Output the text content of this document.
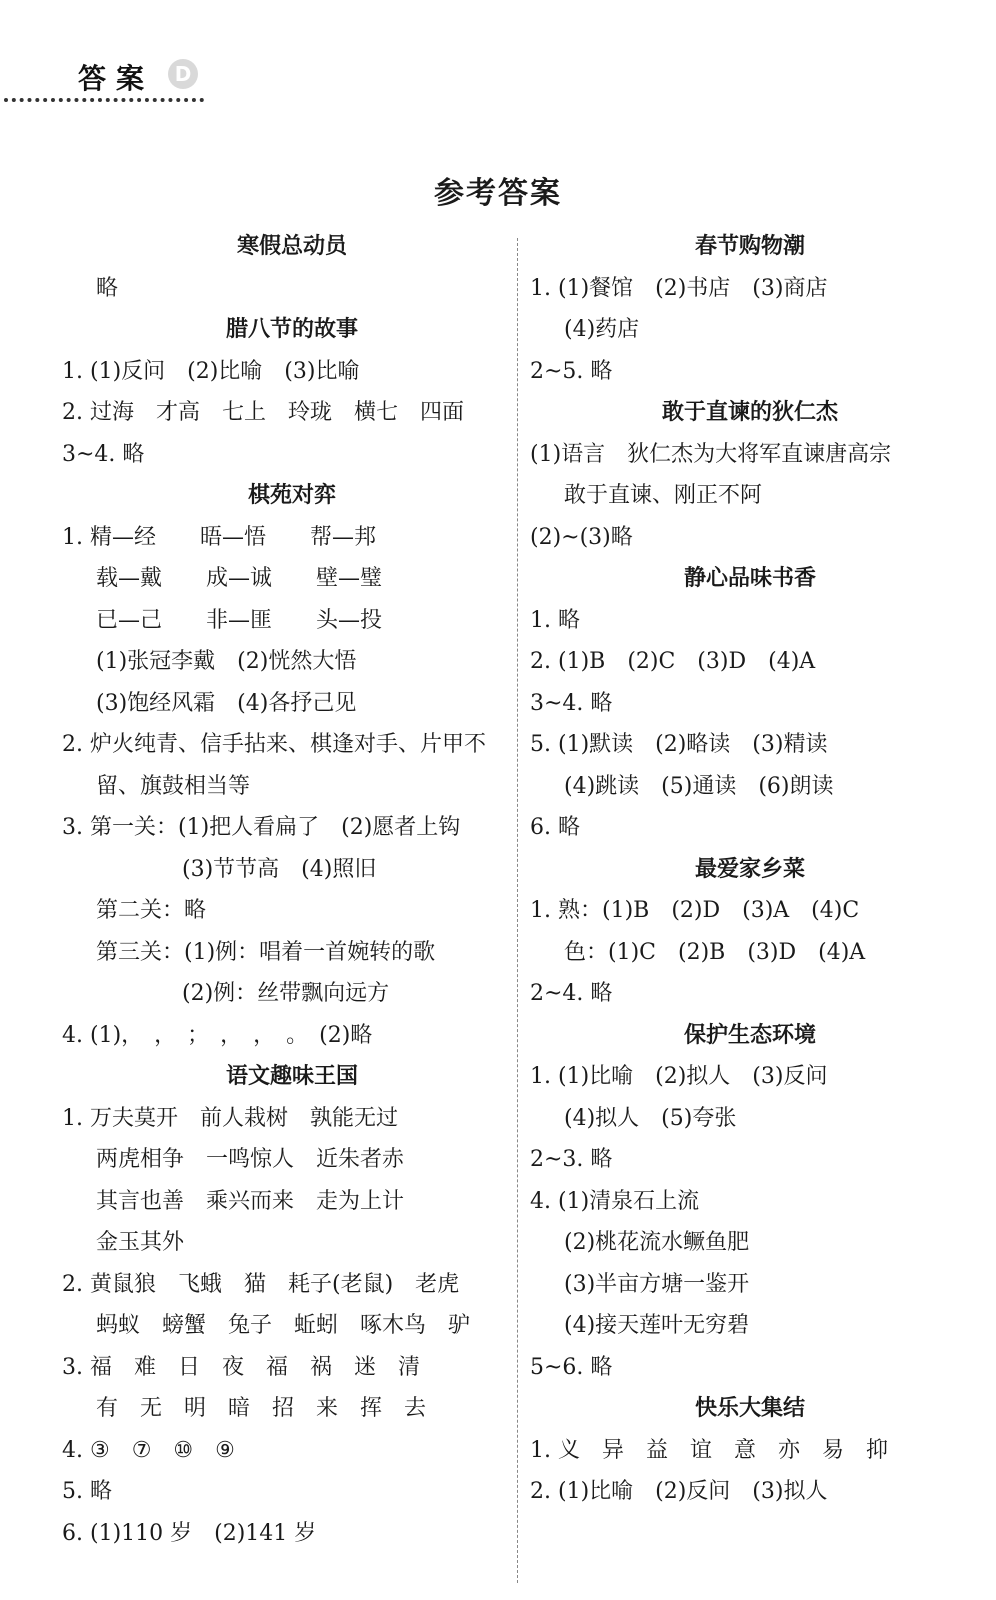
答案	D
参考答案
寒假总动员
略
腊八节的故事
1. (1)反问　(2)比喻　(3)比喻
2. 过海　才高　七上　玲珑　横七　四面
3~4. 略
棋苑对弈
1. 精—经　　晤—悟　　帮—邦
载—戴　　成—诚　　壁—璧
已—己　　非—匪　　头—投
(1)张冠李戴　(2)恍然大悟
(3)饱经风霜　(4)各抒己见
2. 炉火纯青、信手拈来、棋逢对手、片甲不
留、旗鼓相当等
3. 第一关：(1)把人看扁了　(2)愿者上钩
(3)节节高　(4)照旧
第二关：略
第三关：(1)例：唱着一首婉转的歌
(2)例：丝带飘向远方
4. (1)，　，　；　，　，　。　(2)略
语文趣味王国
1. 万夫莫开　前人栽树　孰能无过
两虎相争　一鸣惊人　近朱者赤
其言也善　乘兴而来　走为上计
金玉其外
2. 黄鼠狼　飞蛾　猫　耗子(老鼠)　老虎
蚂蚁　螃蟹　兔子　蚯蚓　啄木鸟　驴
3. 福　难　日　夜　福　祸　迷　清
有　无　明　暗　招　来　挥　去
4. ③　⑦　⑩　⑨
5. 略
6. (1)110 岁　(2)141 岁
春节购物潮
1. (1)餐馆　(2)书店　(3)商店
(4)药店
2~5. 略
敢于直谏的狄仁杰
(1)语言　狄仁杰为大将军直谏唐高宗
敢于直谏、刚正不阿
(2)~(3)略
静心品味书香
1. 略
2. (1)B　(2)C　(3)D　(4)A
3~4. 略
5. (1)默读　(2)略读　(3)精读
(4)跳读　(5)通读　(6)朗读
6. 略
最爱家乡菜
1. 熟：(1)B　(2)D　(3)A　(4)C
色：(1)C　(2)B　(3)D　(4)A
2~4. 略
保护生态环境
1. (1)比喻　(2)拟人　(3)反问
(4)拟人　(5)夸张
2~3. 略
4. (1)清泉石上流
(2)桃花流水鳜鱼肥
(3)半亩方塘一鉴开
(4)接天莲叶无穷碧
5~6. 略
快乐大集结
1. 义　异　益　谊　意　亦　易　抑
2. (1)比喻　(2)反问　(3)拟人
